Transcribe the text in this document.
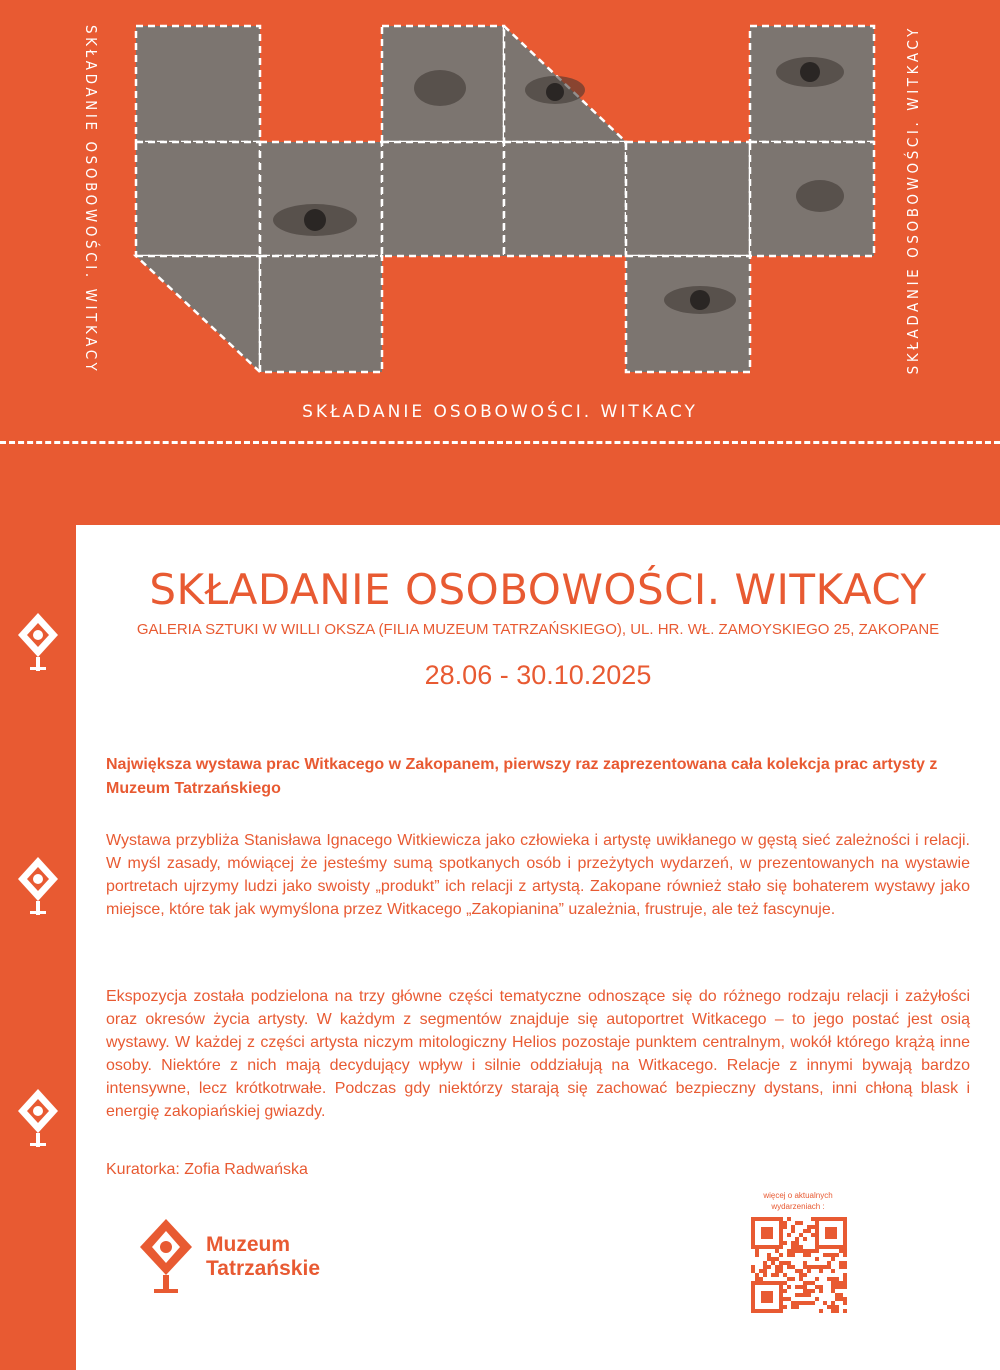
SKŁADANIE OSOBOWOŚCI. WITKACY	SKŁADANIE OSOBOWOŚCI. WITKACY
SKŁADANIE OSOBOWOŚCI. WITKACY
SKŁADANIE OSOBOWOŚCI. WITKACY
GALERIA SZTUKI W WILLI OKSZA (FILIA MUZEUM TATRZAŃSKIEGO), UL. HR. WŁ. ZAMOYSKIEGO 25, ZAKOPANE
28.06 - 30.10.2025
Największa wystawa prac Witkacego w Zakopanem, pierwszy raz zaprezentowana cała kolekcja prac artysty z Muzeum Tatrzańskiego
Wystawa przybliża Stanisława Ignacego Witkiewicza jako człowieka i artystę uwikłanego w gęstą sieć zależności i relacji. W myśl zasady, mówiącej że jesteśmy sumą spotkanych osób i przeżytych wydarzeń, w prezentowanych na wystawie portretach ujrzymy ludzi jako swoisty „produkt” ich relacji z artystą. Zakopane również stało się bohaterem wystawy jako miejsce, które tak jak wymyślona przez Witkacego „Zakopianina” uzależnia, frustruje, ale też fascynuje.
Ekspozycja została podzielona na trzy główne części tematyczne odnoszące się do różnego rodzaju relacji i zażyłości oraz okresów życia artysty. W każdym z segmentów znajduje się autoportret Witkacego – to jego postać jest osią wystawy. W każdej z części artysta niczym mitologiczny Helios pozostaje punktem centralnym, wokół którego krążą inne osoby. Niektóre z nich mają decydujący wpływ i silnie oddziałują na Witkacego. Relacje z innymi bywają bardzo intensywne, lecz krótkotrwałe. Podczas gdy niektórzy starają się zachować bezpieczny dystans, inni chłoną blask i energię zakopiańskiej gwiazdy.
Kuratorka: Zofia Radwańska
Muzeum
Tatrzańskie
więcej o aktualnych wydarzeniach :
